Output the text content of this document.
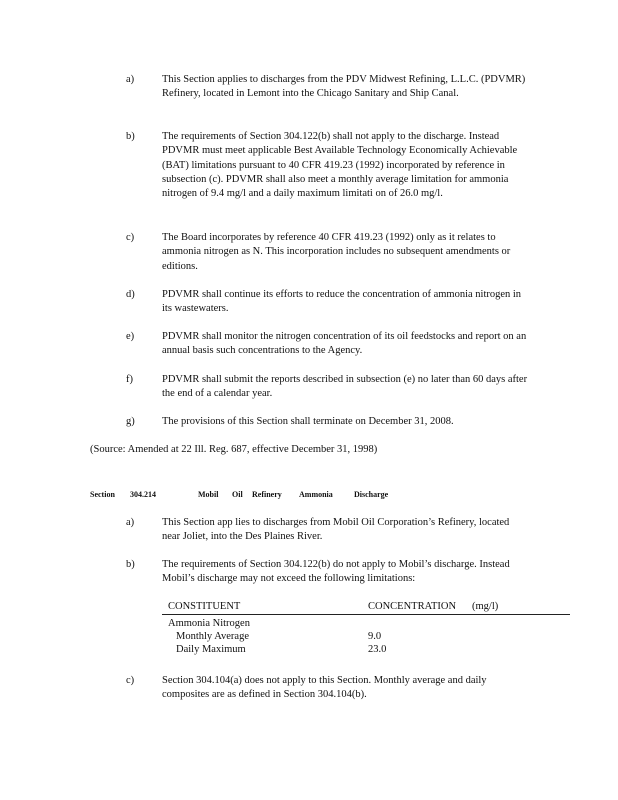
a)	This Section applies to discharges from the PDV Midwest Refining, L.L.C. (PDVMR) Refinery, located in Lemont into the Chicago Sanitary and Ship Canal.
b)	The requirements of Section 304.122(b) shall not apply to the discharge. Instead PDVMR must meet applicable Best Available Technology Economically Achievable (BAT) limitations pursuant to 40 CFR 419.23 (1992) incorporated by reference in subsection (c). PDVMR shall also meet a monthly average limitation for ammonia nitrogen of 9.4 mg/l and a daily maximum limitati on of 26.0 mg/l.
c)	The Board incorporates by reference 40 CFR 419.23 (1992) only as it relates to ammonia nitrogen as N. This incorporation includes no subsequent amendments or editions.
d)	PDVMR shall continue its efforts to reduce the concentration of ammonia nitrogen in its wastewaters.
e)	PDVMR shall monitor the nitrogen concentration of its oil feedstocks and report on an annual basis such concentrations to the Agency.
f)	PDVMR shall submit the reports described in subsection (e) no later than 60 days after the end of a calendar year.
g)	The provisions of this Section shall terminate on December 31, 2008.
(Source: Amended at 22 Ill. Reg. 687, effective December 31, 1998)
Section 304.214	Mobil Oil Refinery Ammonia	Discharge
a)	This Section app lies to discharges from Mobil Oil Corporation’s Refinery, located near Joliet, into the Des Plaines River.
b)	The requirements of Section 304.122(b) do not apply to Mobil’s discharge. Instead Mobil’s discharge may not exceed the following limitations:
CONSTITUENT	CONCENTRATION (mg/l)
Ammonia Nitrogen
Monthly Average	9.0
Daily Maximum	23.0
c)	Section 304.104(a) does not apply to this Section. Monthly average and daily composites are as defined in Section 304.104(b).
